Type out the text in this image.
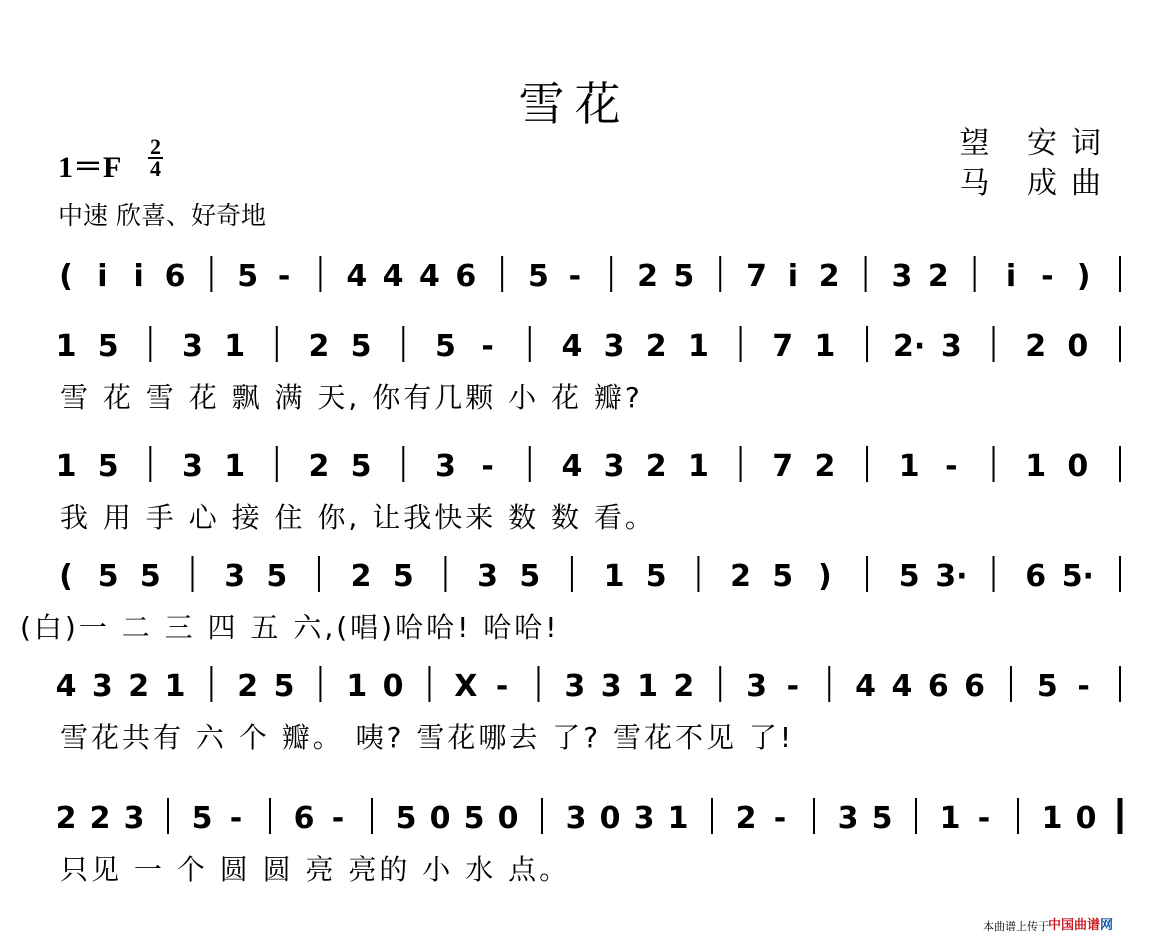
雪花
望 安词
马 成曲
1＝F
2
4
中速 欣喜、好奇地
( i i 6 5 - 4 4 4 6 5 - 2 5 7 i 2 3 2 i - )
1 5 3 1 2 5 5 - 4 3 2 1 7 1 2· 3 2 0
1 5 3 1 2 5 3 - 4 3 2 1 7 2 1 - 1 0
( 5 5 3 5 2 5 3 5 1 5 2 5 ) 5 3· 6 5·
4 3 2 1 2 5 1 0 X - 3 3 1 2 3 - 4 4 6 6 5 -
2 2 3 5 - 6 - 5 0 5 0 3 0 3 1 2 - 3 5 1 - 1 0
雪 花 雪 花 飘 满 天, 你有几颗 小 花 瓣?
我 用 手 心 接 住 你, 让我快来 数 数 看。
(白)一 二 三 四 五 六,(唱)哈哈! 哈哈!
雪花共有 六 个 瓣。 咦? 雪花哪去 了? 雪花不见 了!
只见 一 个 圆 圆 亮 亮的 小 水 点。
本曲谱上传于
中国曲谱网
